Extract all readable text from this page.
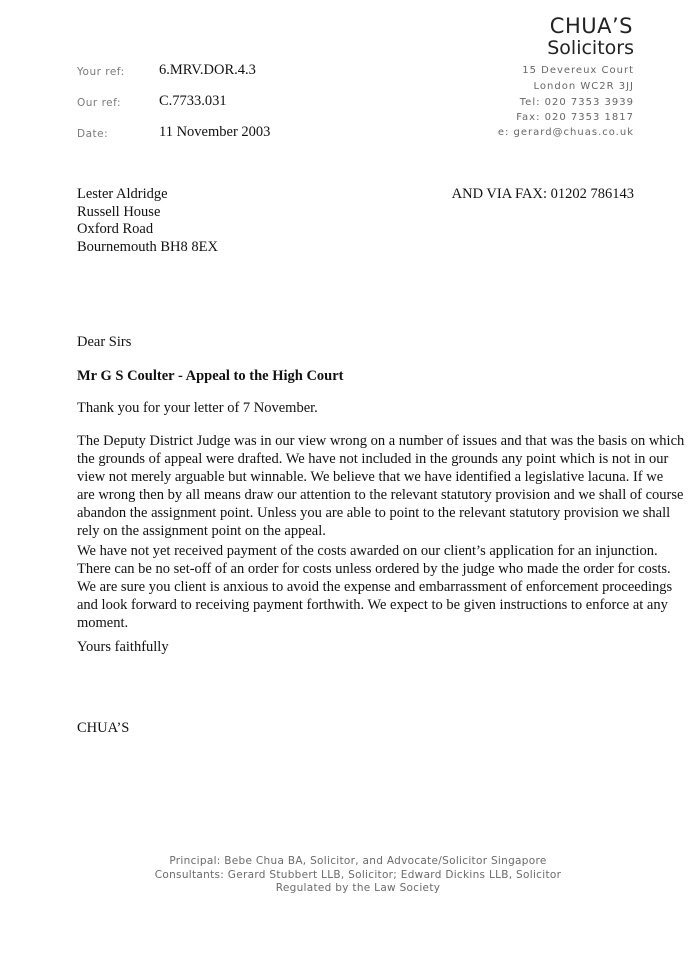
Your ref: 6.MRV.DOR.4.3
Our ref:	C.7733.031
Date:	11 November 2003
CHUA’S
Solicitors
15 Devereux Court
London WC2R 3JJ
Tel: 020 7353 3939
Fax: 020 7353 1817
e: gerard@chuas.co.uk
AND VIA FAX: 01202 786143
Lester Aldridge
Russell House
Oxford Road
Bournemouth BH8 8EX
Dear Sirs
Mr G S Coulter - Appeal to the High Court
Thank you for your letter of 7 November.
The Deputy District Judge was in our view wrong on a number of issues and that was the basis on which
the grounds of appeal were drafted. We have not included in the grounds any point which is not in our
view not merely arguable but winnable. We believe that we have identified a legislative lacuna. If we
are wrong then by all means draw our attention to the relevant statutory provision and we shall of course
abandon the assignment point. Unless you are able to point to the relevant statutory provision we shall
rely on the assignment point on the appeal.
We have not yet received payment of the costs awarded on our client’s application for an injunction.
There can be no set-off of an order for costs unless ordered by the judge who made the order for costs.
We are sure you client is anxious to avoid the expense and embarrassment of enforcement proceedings
and look forward to receiving payment forthwith. We expect to be given instructions to enforce at any
moment.
Yours faithfully
CHUA’S
Principal: Bebe Chua BA, Solicitor, and Advocate/Solicitor Singapore
Consultants: Gerard Stubbert LLB, Solicitor; Edward Dickins LLB, Solicitor
Regulated by the Law Society
